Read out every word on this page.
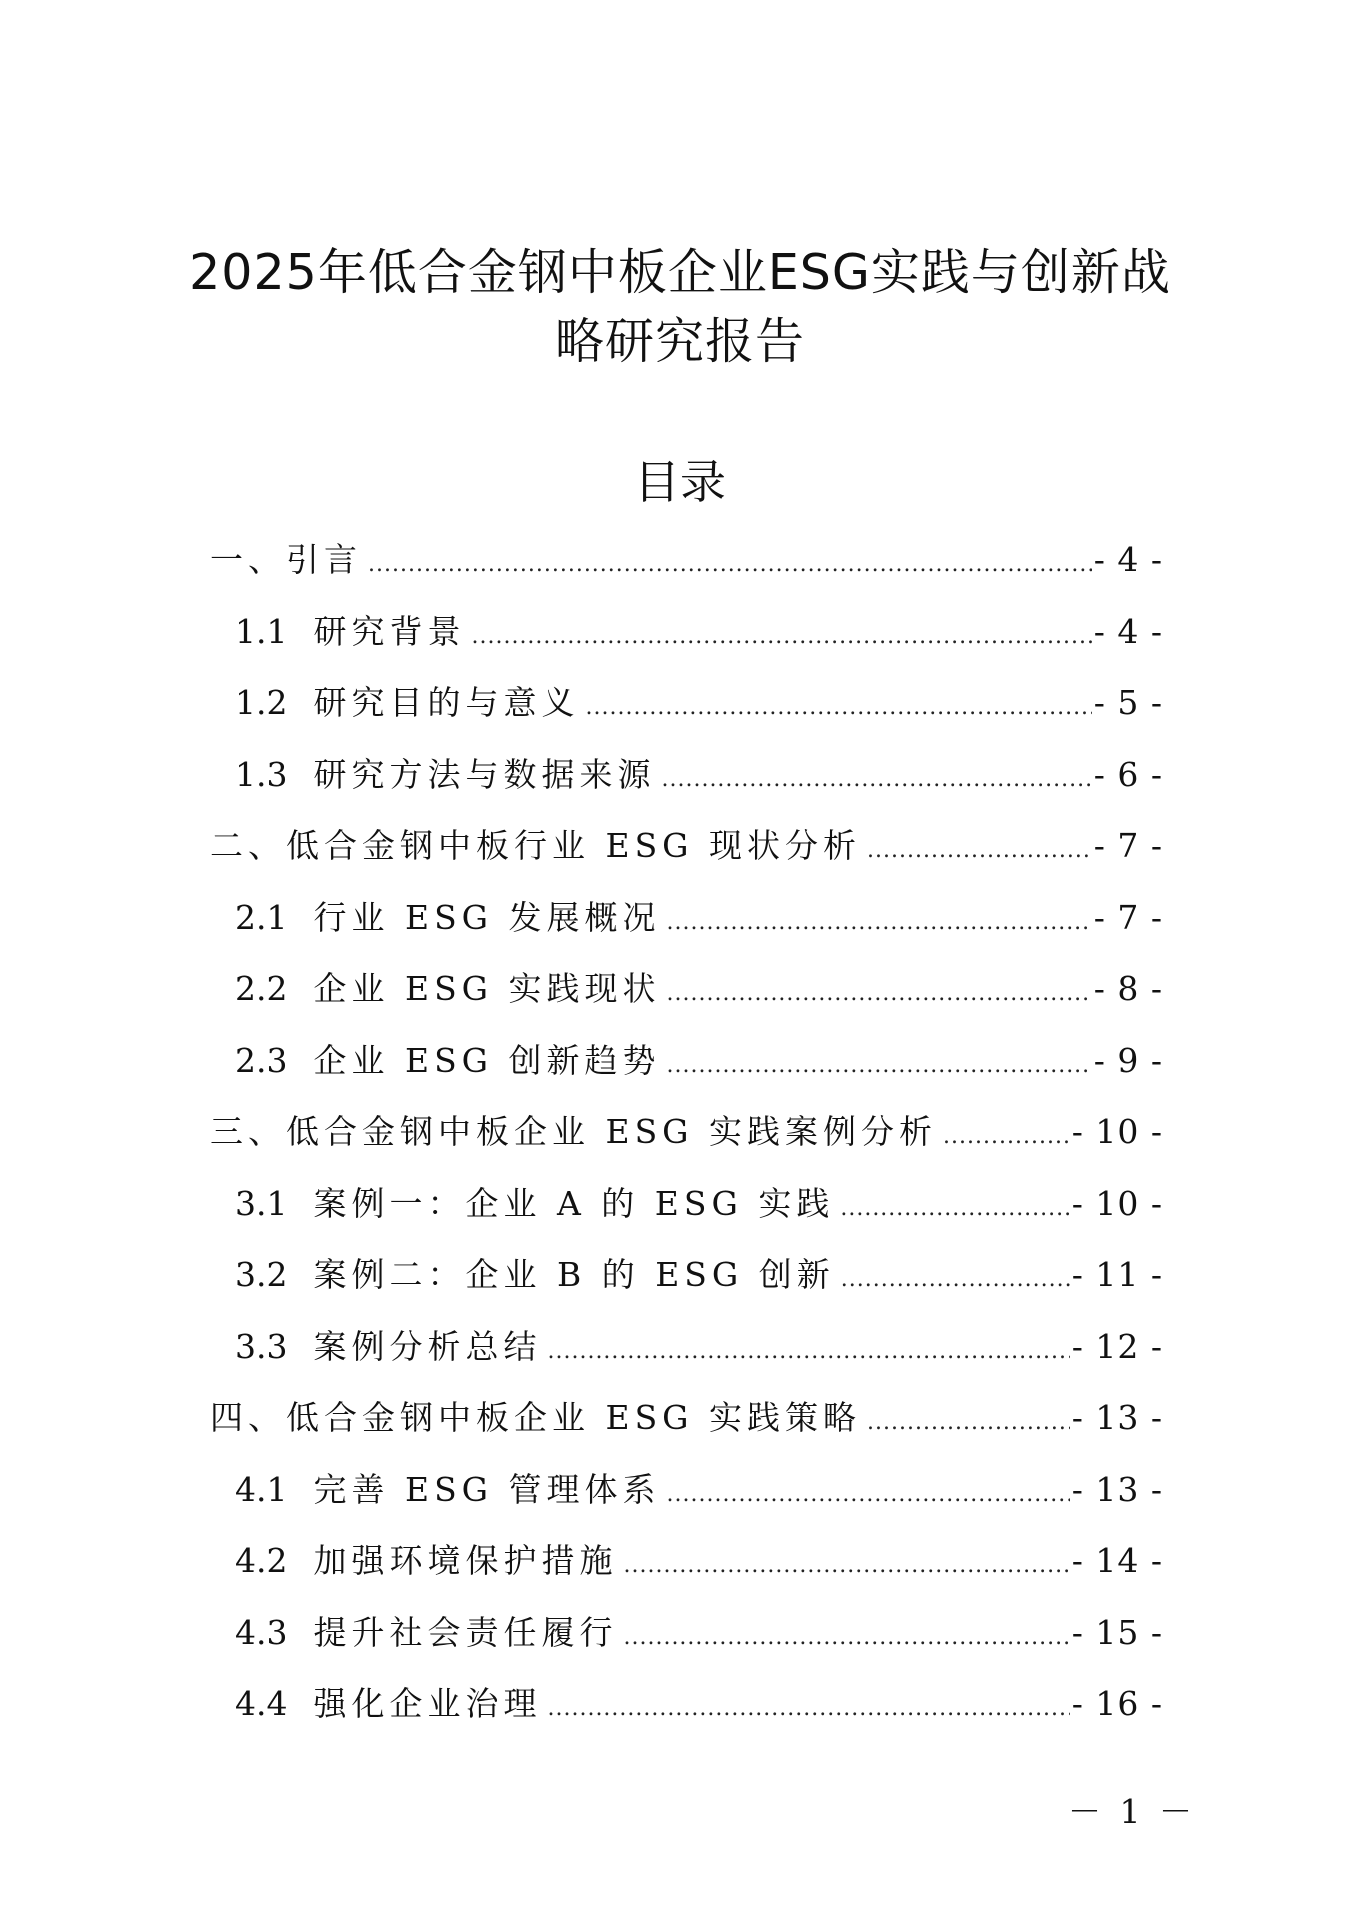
2025年低合金钢中板企业ESG实践与创新战
略研究报告
目录
一、引言 .....	- 4 -
1.1 研究背景 .....	- 4 -
1.2 研究目的与意义 .....	- 5 -
1.3 研究方法与数据来源 .....	- 6 -
二、低合金钢中板行业 ESG 现状分析 .....	- 7 -
2.1 行业 ESG 发展概况 .....	- 7 -
2.2 企业 ESG 实践现状 .....	- 8 -
2.3 企业 ESG 创新趋势 .....	- 9 -
三、低合金钢中板企业 ESG 实践案例分析 .....	- 10 -
3.1 案例一：企业 A 的 ESG 实践 .....	- 10 -
3.2 案例二：企业 B 的 ESG 创新 .....	- 11 -
3.3 案例分析总结 .....	- 12 -
四、低合金钢中板企业 ESG 实践策略 .....	- 13 -
4.1 完善 ESG 管理体系 .....	- 13 -
4.2 加强环境保护措施 .....	- 14 -
4.3 提升社会责任履行 .....	- 15 -
4.4 强化企业治理 .....	- 16 -
－ 1 －
